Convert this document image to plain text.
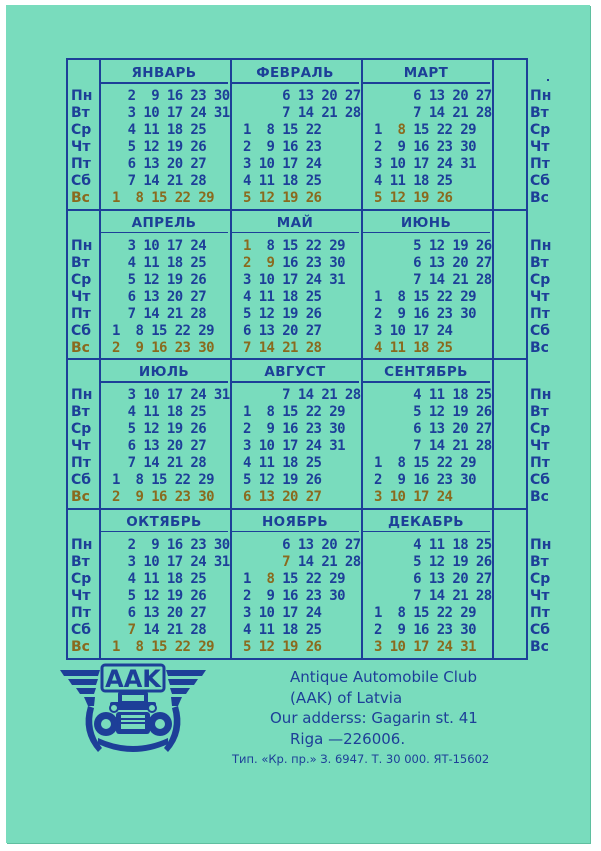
Пн
Вт
Ср
Чт
Пт
Сб
Вс
Пн
Вт
Ср
Чт
Пт
Сб
Вс
ЯНВАРЬ
2 9 16 23 30
3 10 17 24 31
4 11 18 25
5 12 19 26
6 13 20 27
7 14 21 28
1 8 15 22 29
ФЕВРАЛЬ
6 13 20 27
7 14 21 28
1 8 15 22
2 9 16 23
3 10 17 24
4 11 18 25
5 12 19 26
МАРТ
6 13 20 27
7 14 21 28
1 8 15 22 29
2 9 16 23 30
3 10 17 24 31
4 11 18 25
5 12 19 26
Пн
Вт
Ср
Чт
Пт
Сб
Вс
Пн
Вт
Ср
Чт
Пт
Сб
Вс
АПРЕЛЬ
3 10 17 24
4 11 18 25
5 12 19 26
6 13 20 27
7 14 21 28
1 8 15 22 29
2 9 16 23 30
МАЙ
1 8 15 22 29
2 9 16 23 30
3 10 17 24 31
4 11 18 25
5 12 19 26
6 13 20 27
7 14 21 28
ИЮНЬ
5 12 19 26
6 13 20 27
7 14 21 28
1 8 15 22 29
2 9 16 23 30
3 10 17 24
4 11 18 25
Пн
Вт
Ср
Чт
Пт
Сб
Вс
Пн
Вт
Ср
Чт
Пт
Сб
Вс
ИЮЛЬ
3 10 17 24 31
4 11 18 25
5 12 19 26
6 13 20 27
7 14 21 28
1 8 15 22 29
2 9 16 23 30
АВГУСТ
7 14 21 28
1 8 15 22 29
2 9 16 23 30
3 10 17 24 31
4 11 18 25
5 12 19 26
6 13 20 27
СЕНТЯБРЬ
4 11 18 25
5 12 19 26
6 13 20 27
7 14 21 28
1 8 15 22 29
2 9 16 23 30
3 10 17 24
Пн
Вт
Ср
Чт
Пт
Сб
Вс
Пн
Вт
Ср
Чт
Пт
Сб
Вс
ОКТЯБРЬ
2 9 16 23 30
3 10 17 24 31
4 11 18 25
5 12 19 26
6 13 20 27
7 14 21 28
1 8 15 22 29
НОЯБРЬ
6 13 20 27
7 14 21 28
1 8 15 22 29
2 9 16 23 30
3 10 17 24
4 11 18 25
5 12 19 26
ДЕКАБРЬ
4 11 18 25
5 12 19 26
6 13 20 27
7 14 21 28
1 8 15 22 29
2 9 16 23 30
3 10 17 24 31
AAK	Antique Automobile Club
(AAK) of Latvia
Our adderss: Gagarin st. 41
Riga —226006.
Тип. «Кр. пр.» З. 6947. Т. 30 000. ЯТ-15602
